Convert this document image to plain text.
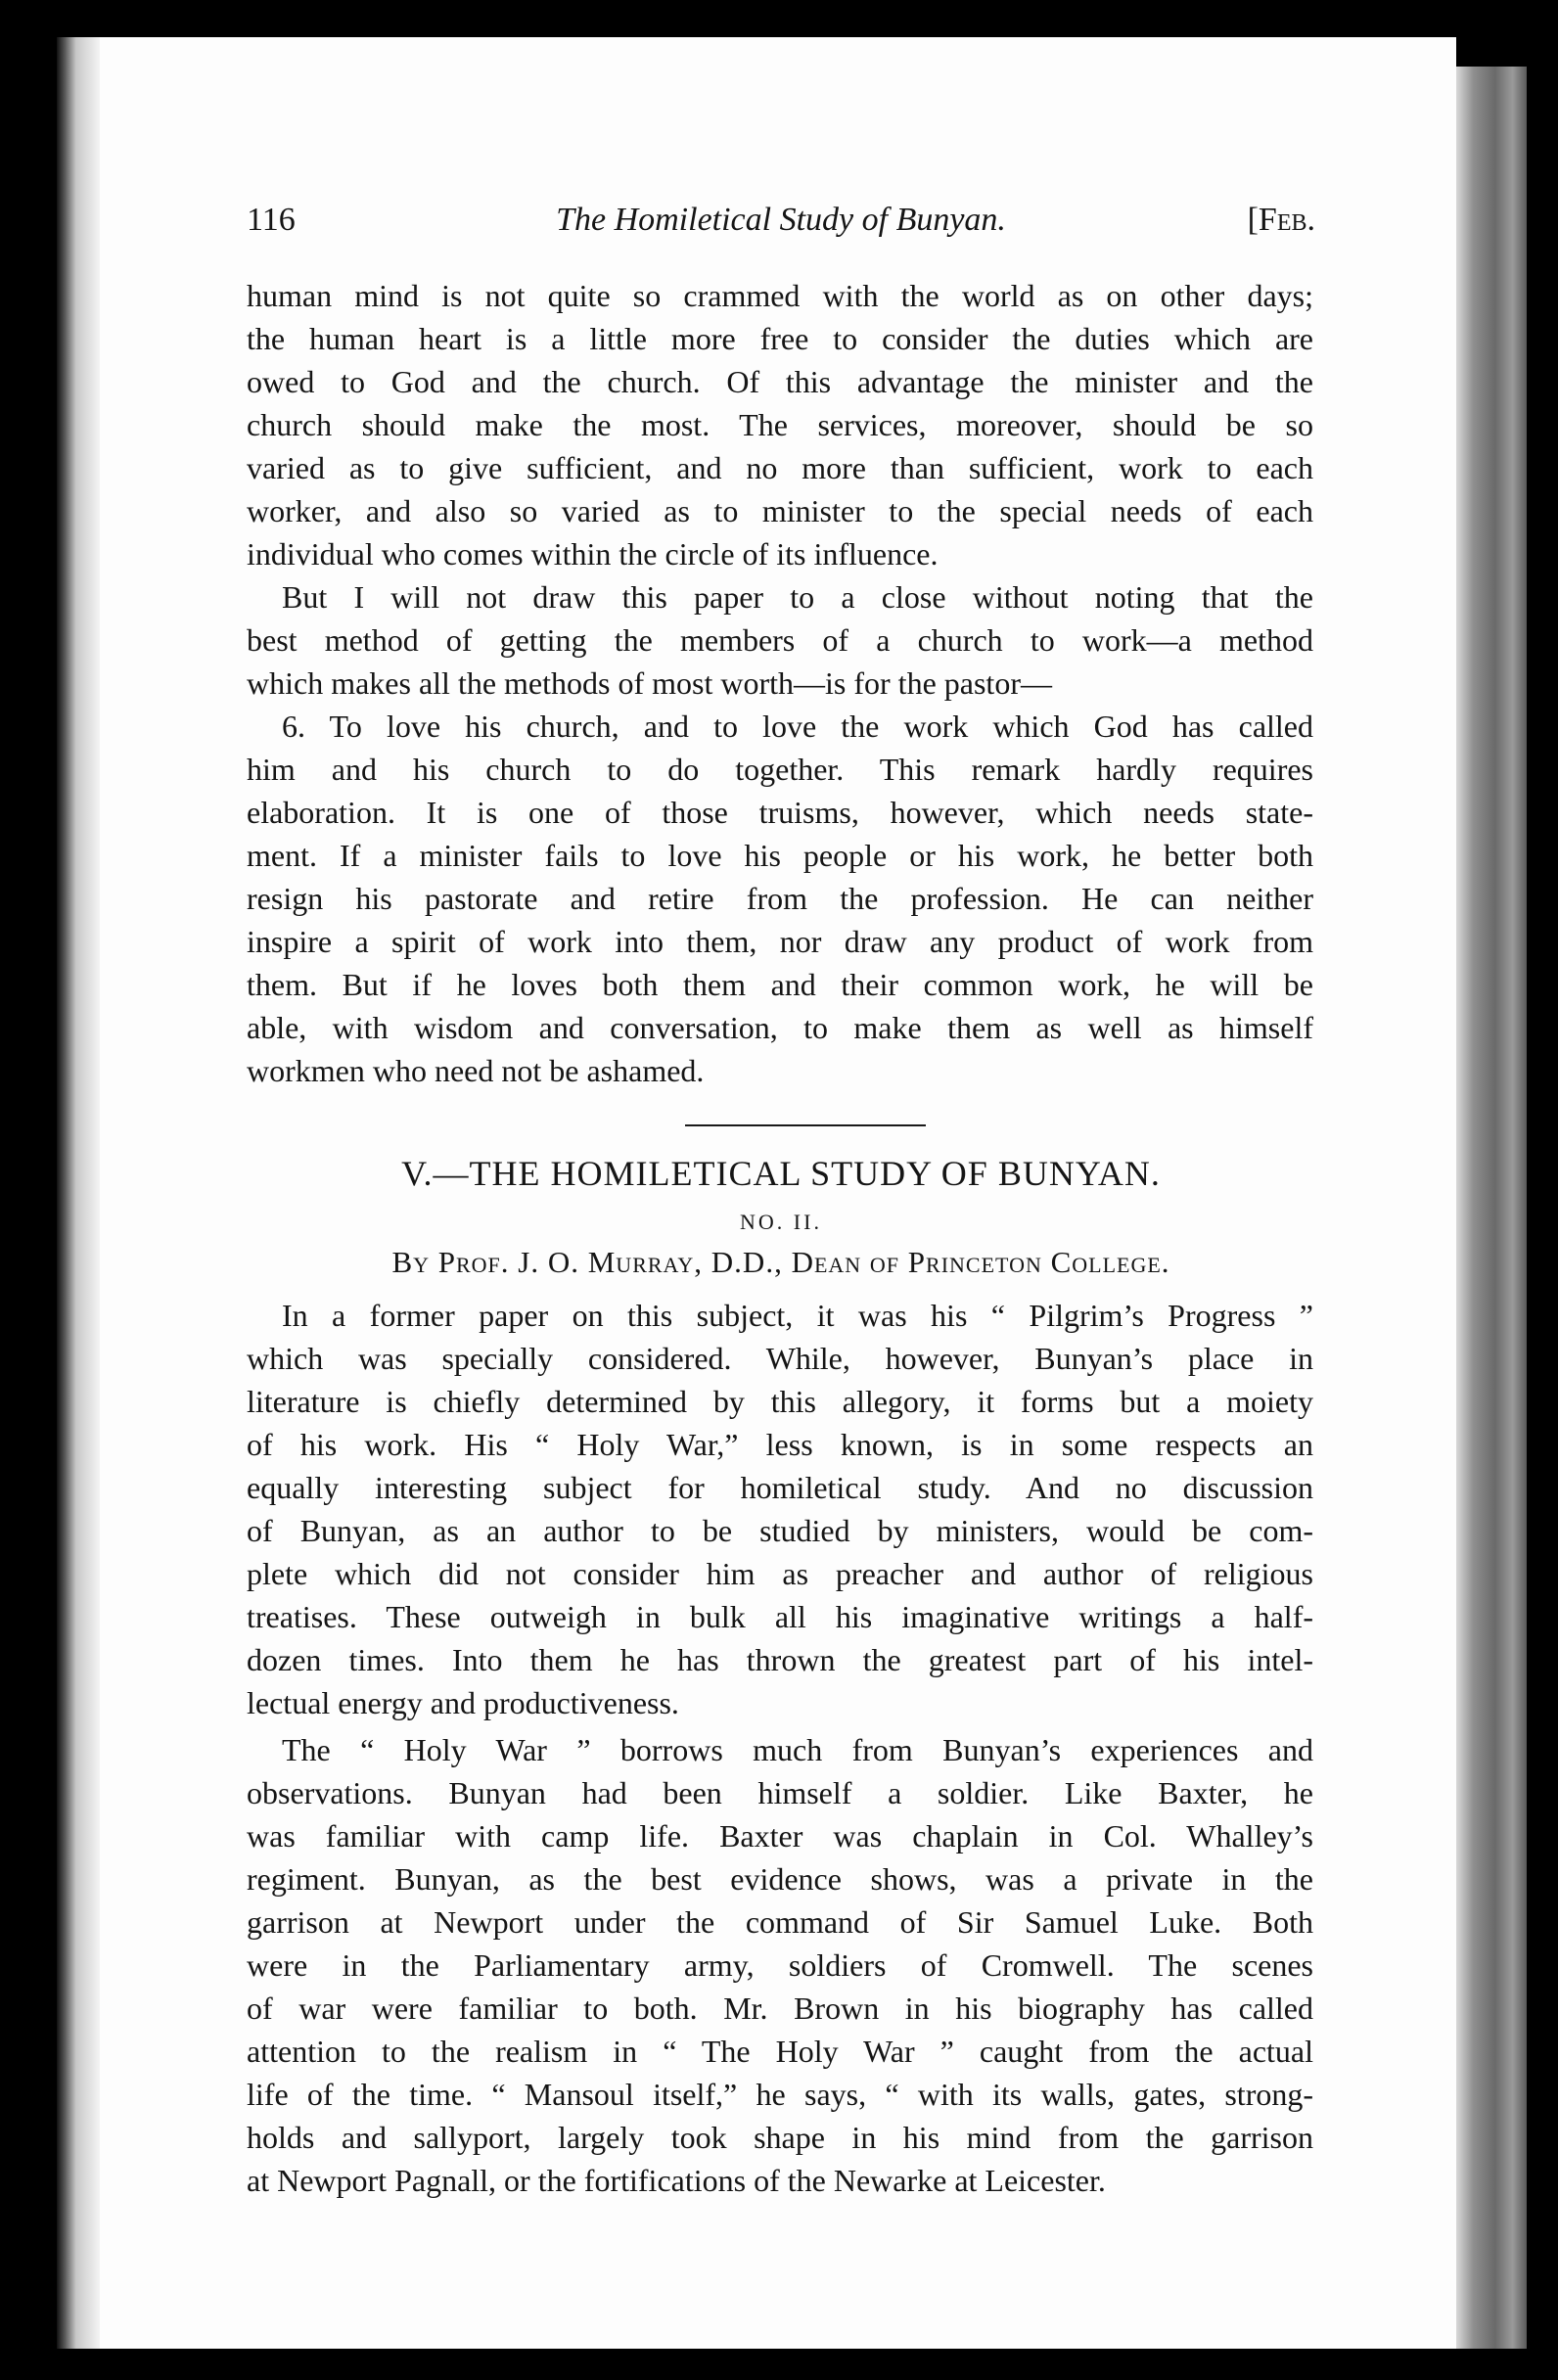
116	The Homiletical Study of Bunyan.	[Feb.
human mind is not quite so crammed with the world as on other days;
the human heart is a little more free to consider the duties which are
owed to God and the church. Of this advantage the minister and the
church should make the most. The services, moreover, should be so
varied as to give sufficient, and no more than sufficient, work to each
worker, and also so varied as to minister to the special needs of each
individual who comes within the circle of its influence.
But I will not draw this paper to a close without noting that the
best method of getting the members of a church to work—a method
which makes all the methods of most worth—is for the pastor—
6. To love his church, and to love the work which God has called
him and his church to do together. This remark hardly requires
elaboration. It is one of those truisms, however, which needs state-
ment. If a minister fails to love his people or his work, he better both
resign his pastorate and retire from the profession. He can neither
inspire a spirit of work into them, nor draw any product of work from
them. But if he loves both them and their common work, he will be
able, with wisdom and conversation, to make them as well as himself
workmen who need not be ashamed.
V.—THE HOMILETICAL STUDY OF BUNYAN.
NO. II.
By Prof. J. O. Murray, D.D., Dean of Princeton College.
In a former paper on this subject, it was his “ Pilgrim’s Progress ”
which was specially considered. While, however, Bunyan’s place in
literature is chiefly determined by this allegory, it forms but a moiety
of his work. His “ Holy War,” less known, is in some respects an
equally interesting subject for homiletical study. And no discussion
of Bunyan, as an author to be studied by ministers, would be com-
plete which did not consider him as preacher and author of religious
treatises. These outweigh in bulk all his imaginative writings a half-
dozen times. Into them he has thrown the greatest part of his intel-
lectual energy and productiveness.
The “ Holy War ” borrows much from Bunyan’s experiences and
observations. Bunyan had been himself a soldier. Like Baxter, he
was familiar with camp life. Baxter was chaplain in Col. Whalley’s
regiment. Bunyan, as the best evidence shows, was a private in the
garrison at Newport under the command of Sir Samuel Luke. Both
were in the Parliamentary army, soldiers of Cromwell. The scenes
of war were familiar to both. Mr. Brown in his biography has called
attention to the realism in “ The Holy War ” caught from the actual
life of the time. “ Mansoul itself,” he says, “ with its walls, gates, strong-
holds and sallyport, largely took shape in his mind from the garrison
at Newport Pagnall, or the fortifications of the Newarke at Leicester.
